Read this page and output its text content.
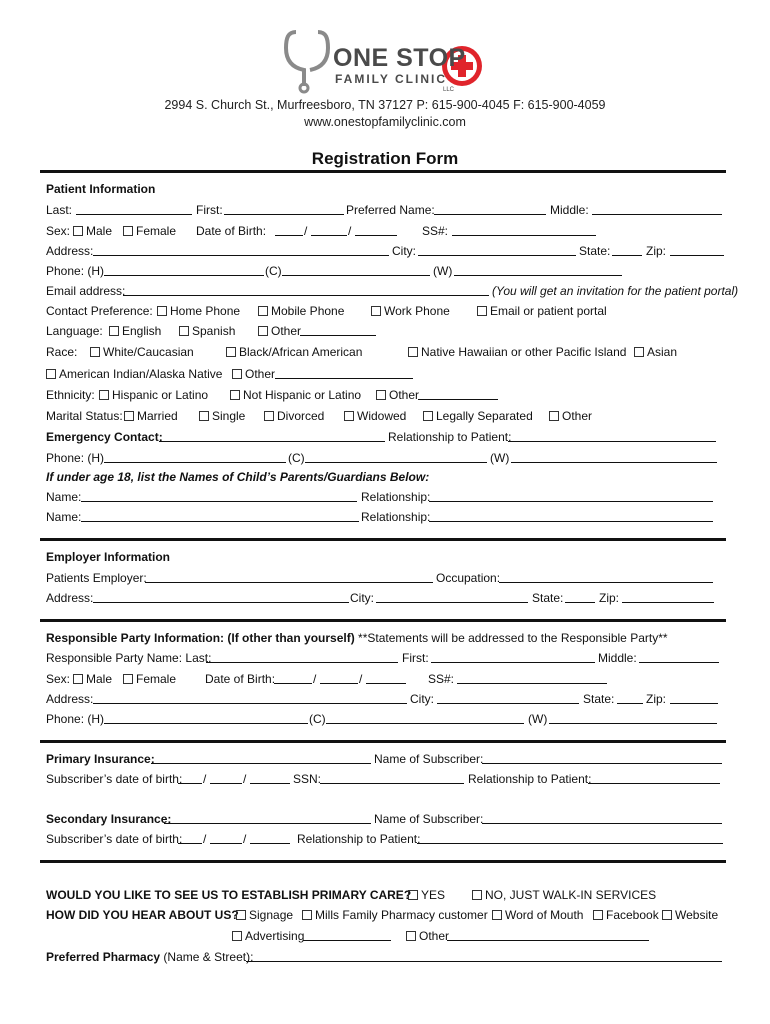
ONE STOP
FAMILY CLINIC
LLC
2994 S. Church St., Murfreesboro, TN 37127 P: 615-900-4045 F: 615-900-4059
www.onestopfamilyclinic.com
Registration Form
Patient Information
Last:	First:	Preferred Name:	Middle:
Sex:	Male	Female Date of Birth:	/	/	SS#:
Address:	City:	State:	Zip:
Phone: (H)	(C)	(W)
Email address:	(You will get an invitation for the patient portal)
Contact Preference:	Home Phone	Mobile Phone	Work Phone	Email or patient portal
Language:	English	Spanish	Other
Race:	White/Caucasian	Black/African American	Native Hawaiian or other Pacific Island	Asian
American Indian/Alaska Native	Other
Ethnicity:	Hispanic or Latino	Not Hispanic or Latino	Other
Marital Status:	Married	Single	Divorced	Widowed	Legally Separated	Other
Emergency Contact:	Relationship to Patient:
Phone: (H)	(C)	(W)
If under age 18, list the Names of Child’s Parents/Guardians Below:
Name:	Relationship:
Name:	Relationship:
Employer Information
Patients Employer:	Occupation:
Address:	City:	State:	Zip:
Responsible Party Information: (If other than yourself) **Statements will be addressed to the Responsible Party**
Responsible Party Name: Last:	First:	Middle:
Sex:	Male	Female Date of Birth:	/	/	SS#:
Address:	City:	State:	Zip:
Phone: (H)	(C)	(W)
Primary Insurance:	Name of Subscriber:
Subscriber’s date of birth: /	/	SSN:	Relationship to Patient:
Secondary Insurance:	Name of Subscriber:
Subscriber’s date of birth: /	/	Relationship to Patient:
WOULD YOU LIKE TO SEE US TO ESTABLISH PRIMARY CARE? YES	NO, JUST WALK-IN SERVICES
HOW DID YOU HEAR ABOUT US? Signage	Mills Family Pharmacy customer	Word of Mouth	Facebook	Website
Advertising	Other
Preferred Pharmacy (Name & Street):
